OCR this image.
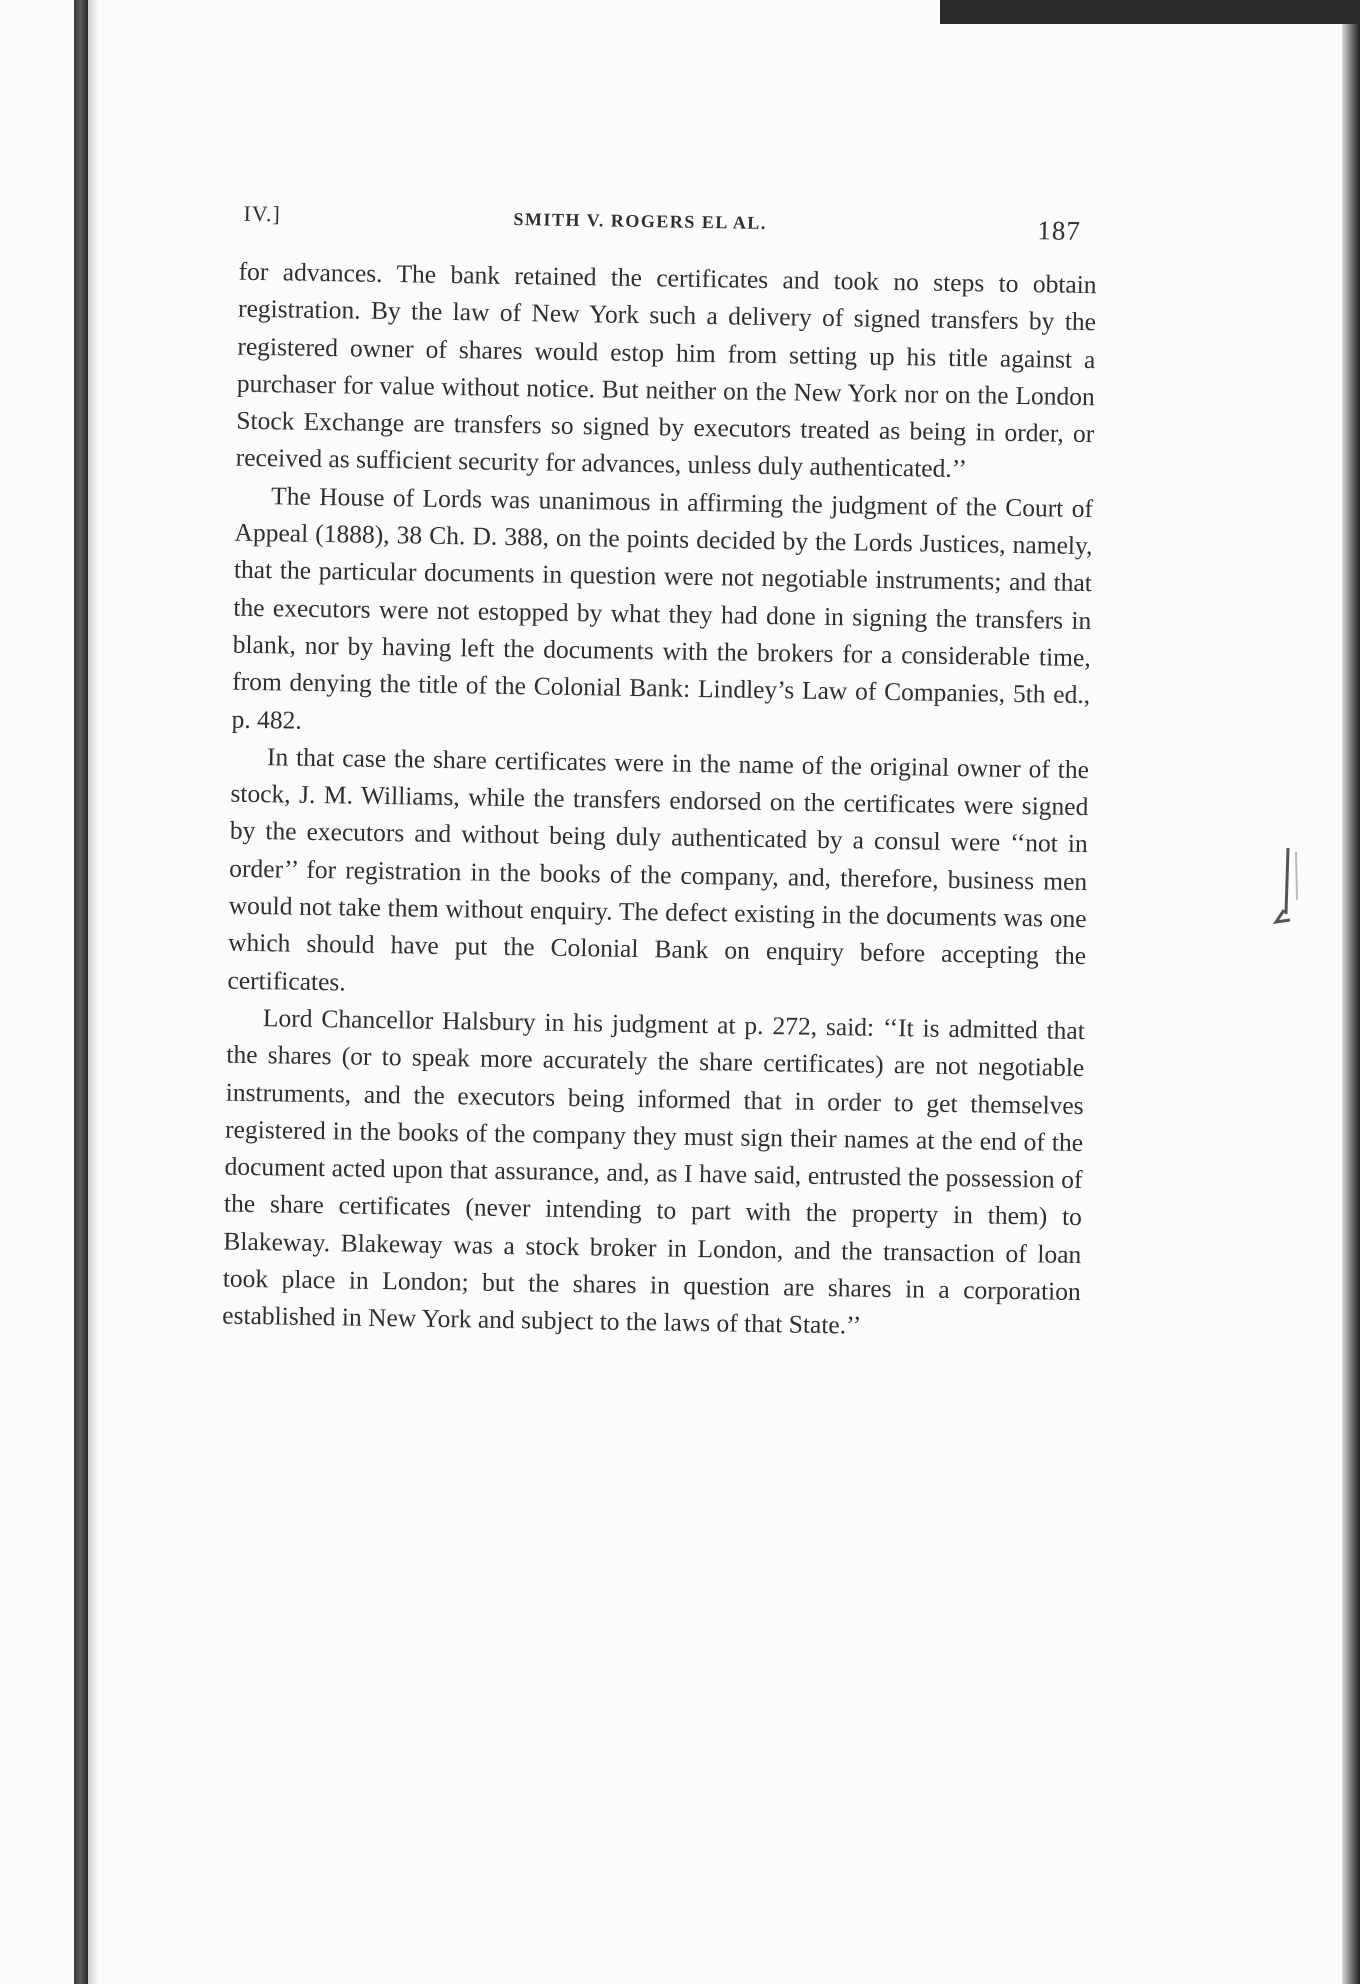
IV.]	SMITH V. ROGERS EL AL.	187

for advances. The bank retained the certificates and took no steps to obtain registration. By the law of New York such a delivery of signed transfers by the registered owner of shares would estop him from setting up his title against a purchaser for value without notice. But neither on the New York nor on the London Stock Exchange are transfers so signed by executors treated as being in order, or received as sufficient security for advances, unless duly authenticated.’’

The House of Lords was unanimous in affirming the judgment of the Court of Appeal (1888), 38 Ch. D. 388, on the points decided by the Lords Justices, namely, that the particular documents in question were not negotiable instruments; and that the executors were not estopped by what they had done in signing the transfers in blank, nor by having left the documents with the brokers for a considerable time, from denying the title of the Colonial Bank: Lindley’s Law of Companies, 5th ed., p. 482.

In that case the share certificates were in the name of the original owner of the stock, J. M. Williams, while the transfers endorsed on the certificates were signed by the executors and without being duly authenticated by a consul were ‘‘not in order’’ for registration in the books of the company, and, therefore, business men would not take them without enquiry. The defect existing in the documents was one which should have put the Colonial Bank on enquiry before accepting the certificates.

Lord Chancellor Halsbury in his judgment at p. 272, said: ‘‘It is admitted that the shares (or to speak more accurately the share certificates) are not negotiable instruments, and the executors being informed that in order to get themselves registered in the books of the company they must sign their names at the end of the document acted upon that assurance, and, as I have said, entrusted the possession of the share certificates (never intending to part with the property in them) to Blakeway. Blakeway was a stock broker in London, and the transaction of loan took place in London; but the shares in question are shares in a corporation established in New York and subject to the laws of that State.’’
